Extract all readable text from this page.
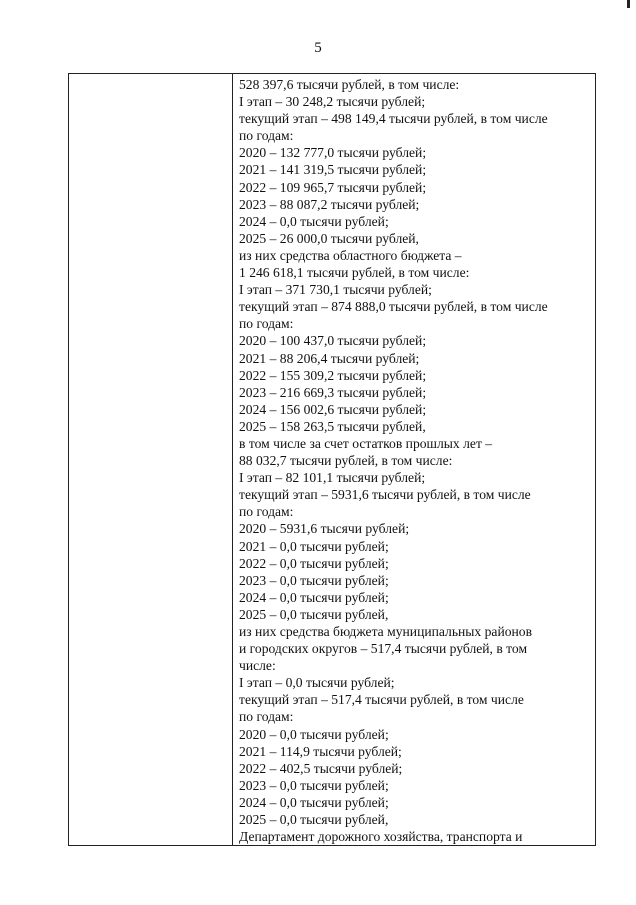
5
528 397,6 тысячи рублей, в том числе:
I этап – 30 248,2 тысячи рублей;
текущий этап – 498 149,4 тысячи рублей, в том числе
по годам:
2020 – 132 777,0 тысячи рублей;
2021 – 141 319,5 тысячи рублей;
2022 – 109 965,7 тысячи рублей;
2023 – 88 087,2 тысячи рублей;
2024 – 0,0 тысячи рублей;
2025 – 26 000,0 тысячи рублей,
из них средства областного бюджета –
1 246 618,1 тысячи рублей, в том числе:
I этап – 371 730,1 тысячи рублей;
текущий этап – 874 888,0 тысячи рублей, в том числе
по годам:
2020 – 100 437,0 тысячи рублей;
2021 – 88 206,4 тысячи рублей;
2022 – 155 309,2 тысячи рублей;
2023 – 216 669,3 тысячи рублей;
2024 – 156 002,6 тысячи рублей;
2025 – 158 263,5 тысячи рублей,
в том числе за счет остатков прошлых лет –
88 032,7 тысячи рублей, в том числе:
I этап – 82 101,1 тысячи рублей;
текущий этап – 5931,6 тысячи рублей, в том числе
по годам:
2020 – 5931,6 тысячи рублей;
2021 – 0,0 тысячи рублей;
2022 – 0,0 тысячи рублей;
2023 – 0,0 тысячи рублей;
2024 – 0,0 тысячи рублей;
2025 – 0,0 тысячи рублей,
из них средства бюджета муниципальных районов
и городских округов – 517,4 тысячи рублей, в том
числе:
I этап – 0,0 тысячи рублей;
текущий этап – 517,4 тысячи рублей, в том числе
по годам:
2020 – 0,0 тысячи рублей;
2021 – 114,9 тысячи рублей;
2022 – 402,5 тысячи рублей;
2023 – 0,0 тысячи рублей;
2024 – 0,0 тысячи рублей;
2025 – 0,0 тысячи рублей,
Департамент дорожного хозяйства, транспорта и
